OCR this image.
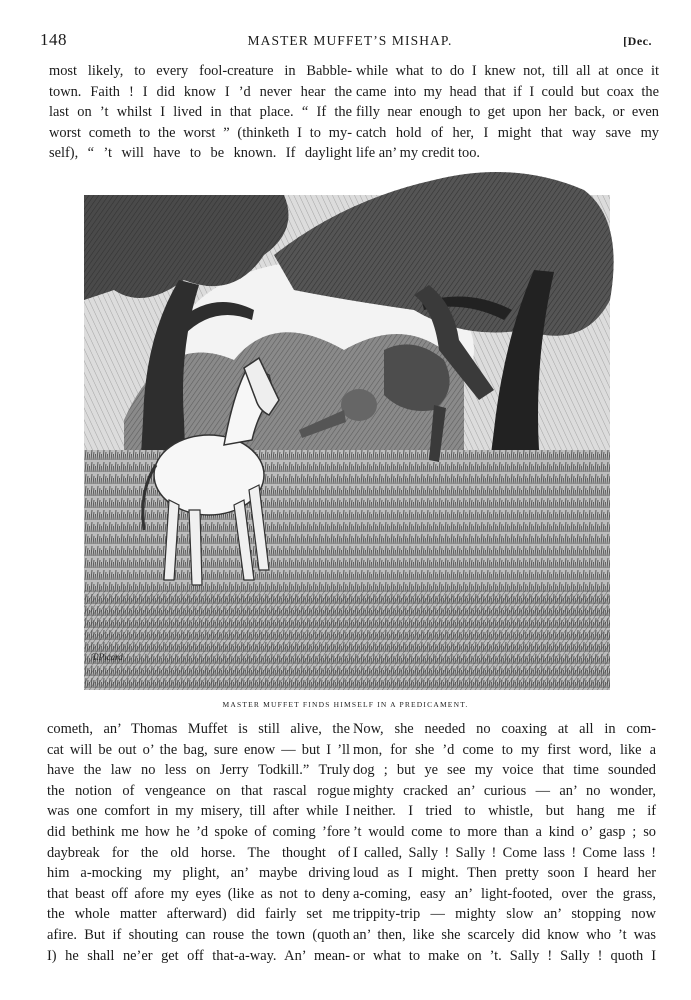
148	MASTER MUFFET’S MISHAP.	[Dec.
most likely, to every fool-creature in Babble-
town. Faith ! I did know I ’d never hear the
last on ’t whilst I lived in that place. “ If the
worst cometh to the worst ” (thinketh I to my-
self), “ ’t will have to be known. If daylight
while what to do I knew not, till all at once it
came into my head that if I could but coax the
filly near enough to get upon her back, or even
catch hold of her, I might that way save my
life an’ my credit too.
T.Picard
MASTER MUFFET FINDS HIMSELF IN A PREDICAMENT.
cometh, an’ Thomas Muffet is still alive, the
cat will be out o’ the bag, sure enow — but I ’ll
have the law no less on Jerry Todkill.” Truly
the notion of vengeance on that rascal rogue
was one comfort in my misery, till after while I
did bethink me how he ’d spoke of coming ’fore
daybreak for the old horse. The thought of
him a-mocking my plight, an’ maybe driving
that beast off afore my eyes (like as not to deny
the whole matter afterward) did fairly set me
afire. But if shouting can rouse the town (quoth
I) he shall ne’er get off that-a-way. An’ mean-
Now, she needed no coaxing at all in com-
mon, for she ’d come to my first word, like a
dog ; but ye see my voice that time sounded
mighty cracked an’ curious — an’ no wonder,
neither. I tried to whistle, but hang me if
’t would come to more than a kind o’ gasp ; so
I called, Sally ! Sally ! Come lass ! Come lass !
loud as I might. Then pretty soon I heard her
a-coming, easy an’ light-footed, over the grass,
trippity-trip — mighty slow an’ stopping now
an’ then, like she scarcely did know who ’t was
or what to make on ’t. Sally ! Sally ! quoth I
